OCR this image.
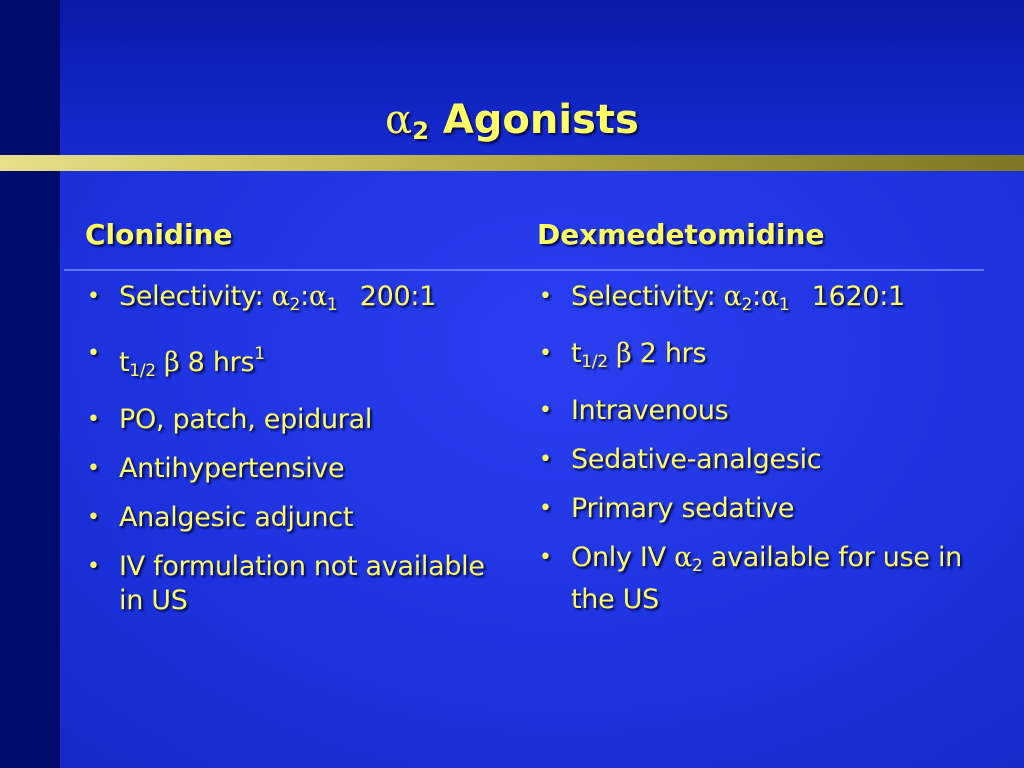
$\alpha_2$ Agonists
Clonidine	Dexmedetomidine
• Selectivity: $\alpha_2:\alpha_1$ 200:1
• $t_{1/2}$ β 8 hrs$^1$
• PO, patch, epidural
• Antihypertensive
• Analgesic adjunct
• IV formulation not available in US
• Selectivity: $\alpha_2:\alpha_1$ 1620:1
• $t_{1/2}$ β 2 hrs
• Intravenous
• Sedative-analgesic
• Primary sedative
• Only IV $\alpha_2$ available for use in the US
